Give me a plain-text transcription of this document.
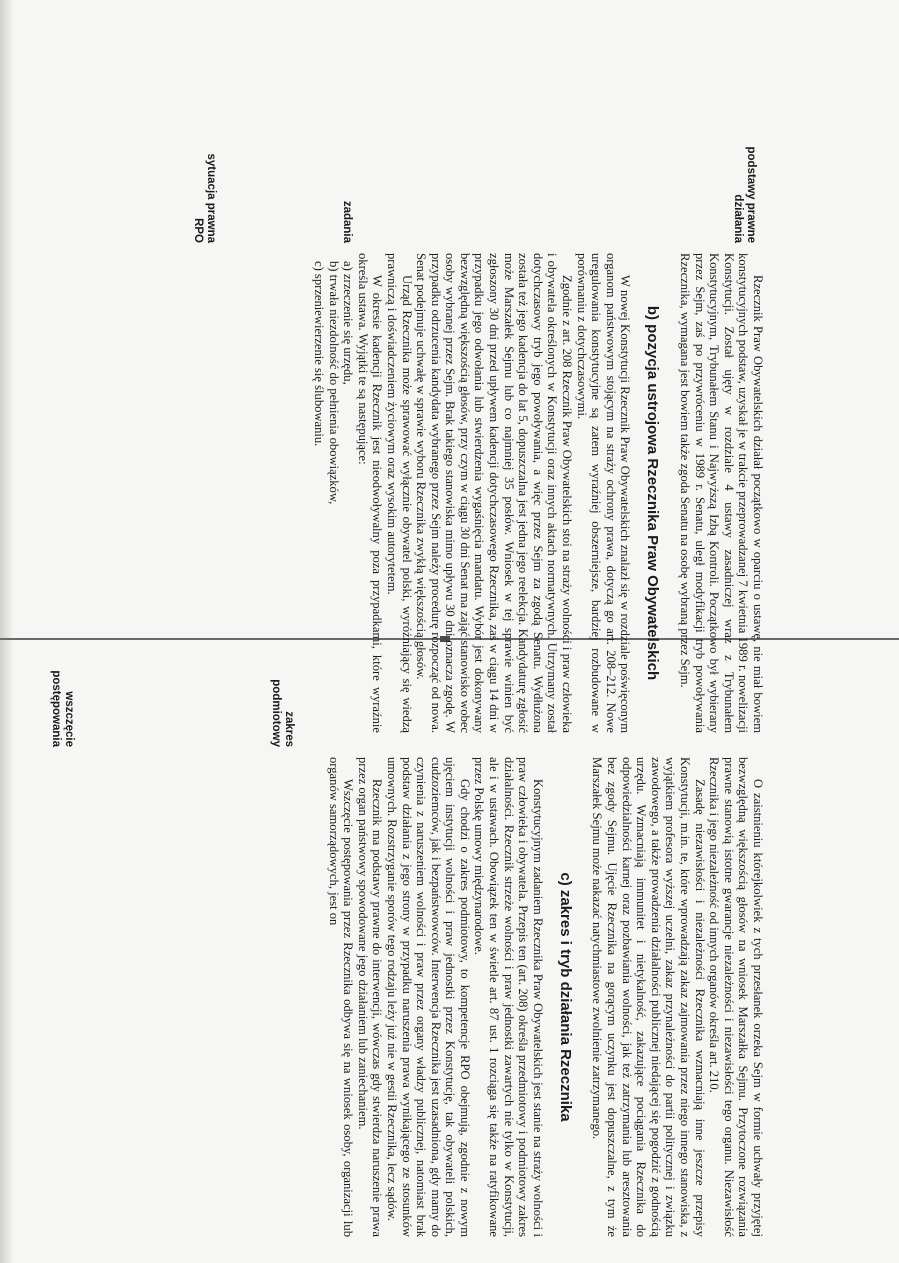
podstawy prawne działania
zadania
sytuacja prawna RPO

Rzecznik Praw Obywatelskich działał początkowo w oparciu o ustawę, nie miał bowiem konstytucyjnych podstaw, uzyskał je w trakcie przeprowadzanej 7 kwietnia 1989 r. nowelizacji Konstytucji. Został ujęty w rozdziale 4 ustawy zasadniczej wraz z Trybunałem Konstytucyjnym, Trybunałem Stanu i Najwyższą Izbą Kontroli. Początkowo był wybierany przez Sejm, zaś po przywróceniu w 1989 r. Senatu, uległ modyfikacji tryb powoływania Rzecznika, wymagana jest bowiem także zgoda Senatu na osobę wybraną przez Sejm.

b) pozycja ustrojowa Rzecznika Praw Obywatelskich

W nowej Konstytucji Rzecznik Praw Obywatelskich znalazł się w rozdziale poświęconym organom państwowym stojącym na straży ochrony prawa, dotyczą go art. 208–212. Nowe uregulowania konstytucyjne są zatem wyraźniej obszerniejsze, bardziej rozbudowane w porównaniu z dotychczasowymi.

Zgodnie z art. 208 Rzecznik Praw Obywatelskich stoi na straży wolności i praw człowieka i obywatela określonych w Konstytucji oraz innych aktach normatywnych. Utrzymany został dotychczasowy tryb jego powoływania, a więc przez Sejm za zgodą Senatu. Wydłużona została też jego kadencja do lat 5, dopuszczalna jest jedna jego reelekcja. Kandydaturę zgłosić może Marszałek Sejmu lub co najmniej 35 posłów. Wniosek w tej sprawie winien być zgłoszony 30 dni przed upływem kadencji dotychczasowego Rzecznika, zaś w ciągu 14 dni w przypadku jego odwołania lub stwierdzenia wygaśnięcia mandatu. Wybór jest dokonywany bezwzględną większością głosów, przy czym w ciągu 30 dni Senat ma zająć stanowisko wobec osoby wybranej przez Sejm. Brak takiego stanowiska mimo upływu 30 dni oznacza zgodę. W przypadku odrzucenia kandydata wybranego przez Sejm należy procedurę rozpocząć od nowa. Senat podejmuje uchwałę w sprawie wyboru Rzecznika zwykłą większością głosów.

Urząd Rzecznika może sprawować wyłącznie obywatel polski, wyróżniający się wiedzą prawniczą i doświadczeniem życiowym oraz wysokim autorytetem.

W okresie kadencji Rzecznik jest nieodwoływalny poza przypadkami, które wyraźnie określa ustawa. Wyjątki te są następujące:

a) zrzeczenie się urzędu,

b) trwała niezdolność do pełnienia obowiązków,

c) sprzeniewierzenie się ślubowaniu.

zakres podmiotowy
wszczęcie postępowania

O zaistnieniu którejkolwiek z tych przesłanek orzeka Sejm w formie uchwały przyjętej bezwzględną większością głosów na wniosek Marszałka Sejmu. Przytoczone rozwiązania prawne stanowią istotne gwarancje niezależności i niezawisłości tego organu. Niezawisłość Rzecznika i jego niezależność od innych organów określa art. 210.

Zasadę niezawisłości i niezależności Rzecznika wzmacniają inne jeszcze przepisy Konstytucji, m.in. te, które wprowadzają zakaz zajmowania przez niego innego stanowiska, z wyjątkiem profesora wyższej uczelni, zakaz przynależności do partii politycznej i związku zawodowego, a także prowadzenia działalności publicznej niedającej się pogodzić z godnością urzędu. Wzmacniają immunitet i nietykalność, zakazujące pociągania Rzecznika do odpowiedzialności karnej oraz pozbawiania wolności, jak też zatrzymania lub aresztowania bez zgody Sejmu. Ujęcie Rzecznika na gorącym uczynku jest dopuszczalne, z tym że Marszałek Sejmu może nakazać natychmiastowe zwolnienie zatrzymanego.

c) zakres i tryb działania Rzecznika

Konstytucyjnym zadaniem Rzecznika Praw Obywatelskich jest stanie na straży wolności i praw człowieka i obywatela. Przepis ten (art. 208) określa przedmiotowy i podmiotowy zakres działalności. Rzecznik strzeże wolności i praw jednostki zawartych nie tylko w Konstytucji, ale i w ustawach. Obowiązek ten w świetle art. 87 ust. 1 rozciąga się także na ratyfikowane przez Polskę umowy międzynarodowe.

Gdy chodzi o zakres podmiotowy, to kompetencje RPO obejmują, zgodnie z nowym ujęciem instytucji wolności i praw jednostki przez Konstytucję, tak obywateli polskich, cudzoziemców, jak i bezpaństwowców. Interwencja Rzecznika jest uzasadniona, gdy mamy do czynienia z naruszeniem wolności i praw przez organy władzy publicznej, natomiast brak podstaw działania z jego strony w przypadku naruszenia prawa wynikającego ze stosunków umownych. Rozstrzyganie sporów tego rodzaju leży już nie w gestii Rzecznika, lecz sądów.

Rzecznik ma podstawy prawne do interwencji, wówczas gdy stwierdza naruszenie prawa przez organ państwowy spowodowane jego działaniem lub zaniechaniem.

Wszczęcie postępowania przez Rzecznika odbywa się na wniosek osoby, organizacji lub organów samorządowych, jest on
